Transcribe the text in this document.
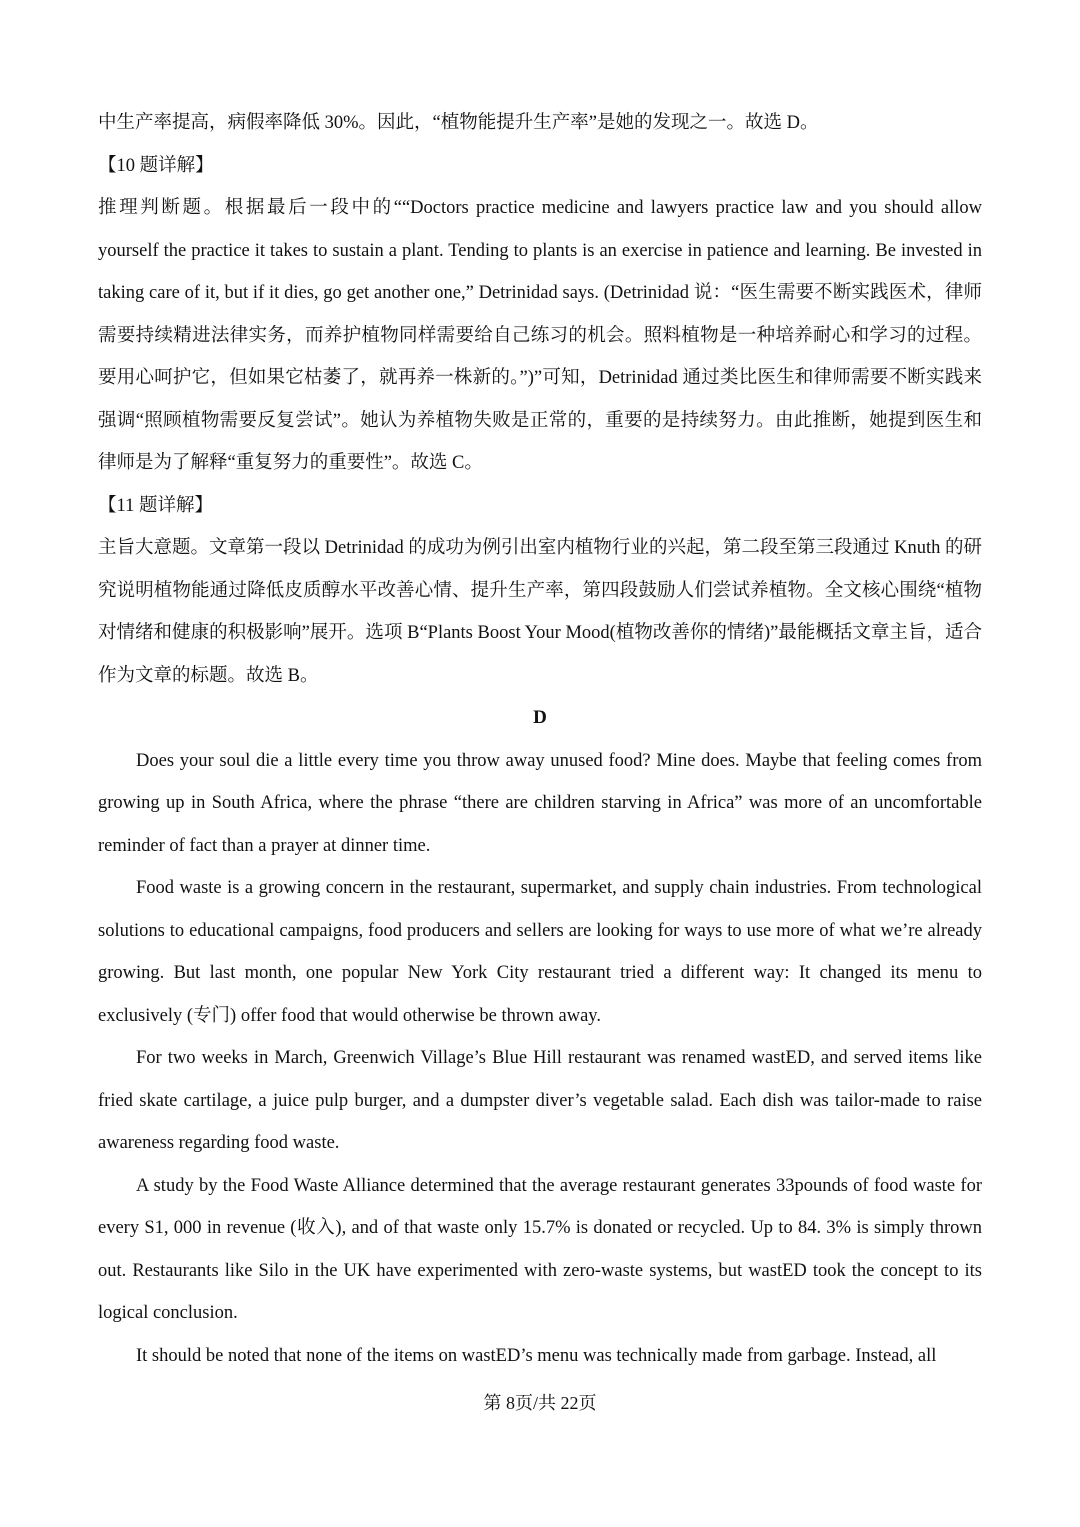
中生产率提高，病假率降低 30%。因此，“植物能提升生产率”是她的发现之一。故选 D。

【10 题详解】

推理判断题。根据最后一段中的““Doctors practice medicine and lawyers practice law and you should allow yourself the practice it takes to sustain a plant. Tending to plants is an exercise in patience and learning. Be invested in taking care of it, but if it dies, go get another one,” Detrinidad says. (Detrinidad 说：“医生需要不断实践医术，律师需要持续精进法律实务，而养护植物同样需要给自己练习的机会。照料植物是一种培养耐心和学习的过程。要用心呵护它，但如果它枯萎了，就再养一株新的。”)”可知，Detrinidad 通过类比医生和律师需要不断实践来强调“照顾植物需要反复尝试”。她认为养植物失败是正常的，重要的是持续努力。由此推断，她提到医生和律师是为了解释“重复努力的重要性”。故选 C。

【11 题详解】

主旨大意题。文章第一段以 Detrinidad 的成功为例引出室内植物行业的兴起，第二段至第三段通过 Knuth 的研究说明植物能通过降低皮质醇水平改善心情、提升生产率，第四段鼓励人们尝试养植物。全文核心围绕“植物对情绪和健康的积极影响”展开。选项 B“Plants Boost Your Mood(植物改善你的情绪)”最能概括文章主旨，适合作为文章的标题。故选 B。

D

Does your soul die a little every time you throw away unused food? Mine does. Maybe that feeling comes from growing up in South Africa, where the phrase “there are children starving in Africa” was more of an uncomfortable reminder of fact than a prayer at dinner time.

Food waste is a growing concern in the restaurant, supermarket, and supply chain industries. From technological solutions to educational campaigns, food producers and sellers are looking for ways to use more of what we’re already growing. But last month, one popular New York City restaurant tried a different way: It changed its menu to exclusively (专门) offer food that would otherwise be thrown away.

For two weeks in March, Greenwich Village’s Blue Hill restaurant was renamed wastED, and served items like fried skate cartilage, a juice pulp burger, and a dumpster diver’s vegetable salad. Each dish was tailor-made to raise awareness regarding food waste.

A study by the Food Waste Alliance determined that the average restaurant generates 33pounds of food waste for every S1, 000 in revenue (收入), and of that waste only 15.7% is donated or recycled. Up to 84. 3% is simply thrown out. Restaurants like Silo in the UK have experimented with zero-waste systems, but wastED took the concept to its logical conclusion.

It should be noted that none of the items on wastED’s menu was technically made from garbage. Instead, all

第 8页/共 22页
